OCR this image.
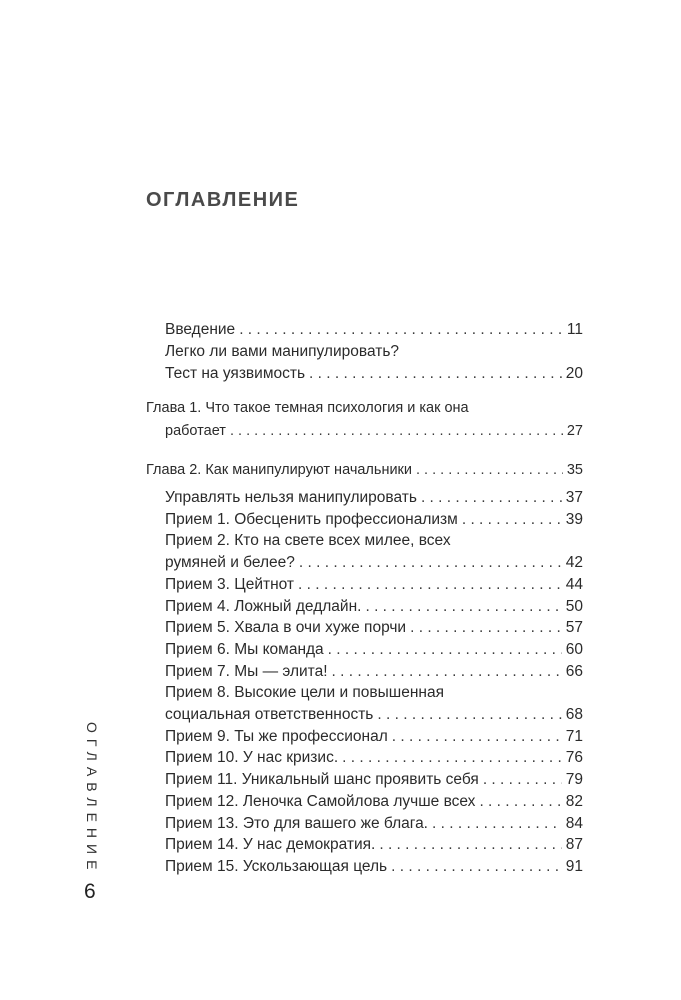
ОГЛАВЛЕНИЕ
Введение . . .	11
Легко ли вами манипулировать?
Тест на уязвимость . . .	20
Глава 1. Что такое темная психология и как она
работает . . .	27
Глава 2. Как манипулируют начальники . . .	35
Управлять нельзя манипулировать . . .	37
Прием 1. Обесценить профессионализм . . .	39
Прием 2. Кто на свете всех милее, всех
румяней и белее? . . .	42
Прием 3. Цейтнот . . .	44
Прием 4. Ложный дедлайн. . . .	50
Прием 5. Хвала в очи хуже порчи . . .	57
Прием 6. Мы команда . . .	60
Прием 7. Мы — элита! . . .	66
Прием 8. Высокие цели и повышенная
социальная ответственность . . .	68
Прием 9. Ты же профессионал . . .	71
Прием 10. У нас кризис. . . .	76
Прием 11. Уникальный шанс проявить себя . . .	79
Прием 12. Леночка Самойлова лучше всех . . .	82
Прием 13. Это для вашего же блага. . . .	84
Прием 14. У нас демократия. . . .	87
Прием 15. Ускользающая цель . . .	91
ОГЛАВЛЕНИЕ
6
